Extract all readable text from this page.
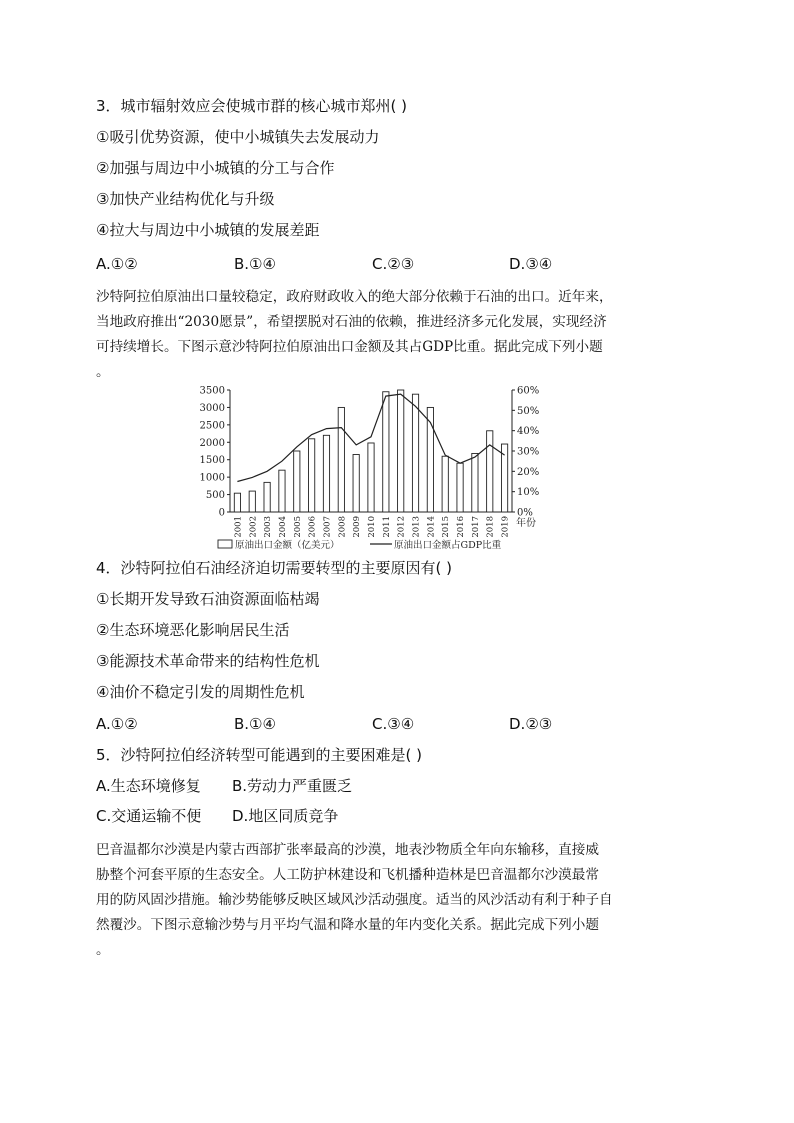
3．城市辐射效应会使城市群的核心城市郑州( )
①吸引优势资源，使中小城镇失去发展动力
②加强与周边中小城镇的分工与合作
③加快产业结构优化与升级
④拉大与周边中小城镇的发展差距
A.①②	B.①④	C.②③	D.③④
沙特阿拉伯原油出口量较稳定，政府财政收入的绝大部分依赖于石油的出口。近年来，
当地政府推出“2030愿景”，希望摆脱对石油的依赖，推进经济多元化发展，实现经济
可持续增长。下图示意沙特阿拉伯原油出口金额及其占GDP比重。据此完成下列小题
。
0
500
1000
1500
2000
2500
3000
3500
0%
10%
20%
30%
40%
50%
60%
2001 2002 2003 2004 2005 2006 2007 2008 2009 2010 2011 2012 2013 2014 2015 2016 2017 2018 2019 年份
原油出口金额（亿美元）	原油出口金额占GDP比重
4．沙特阿拉伯石油经济迫切需要转型的主要原因有( )
①长期开发导致石油资源面临枯竭
②生态环境恶化影响居民生活
③能源技术革命带来的结构性危机
④油价不稳定引发的周期性危机
A.①②	B.①④	C.③④	D.②③
5．沙特阿拉伯经济转型可能遇到的主要困难是( )
A.生态环境修复 B.劳动力严重匮乏
C.交通运输不便 D.地区同质竞争
巴音温都尔沙漠是内蒙古西部扩张率最高的沙漠，地表沙物质全年向东输移，直接威
胁整个河套平原的生态安全。人工防护林建设和飞机播种造林是巴音温都尔沙漠最常
用的防风固沙措施。输沙势能够反映区域风沙活动强度。适当的风沙活动有利于种子自
然覆沙。下图示意输沙势与月平均气温和降水量的年内变化关系。据此完成下列小题
。
